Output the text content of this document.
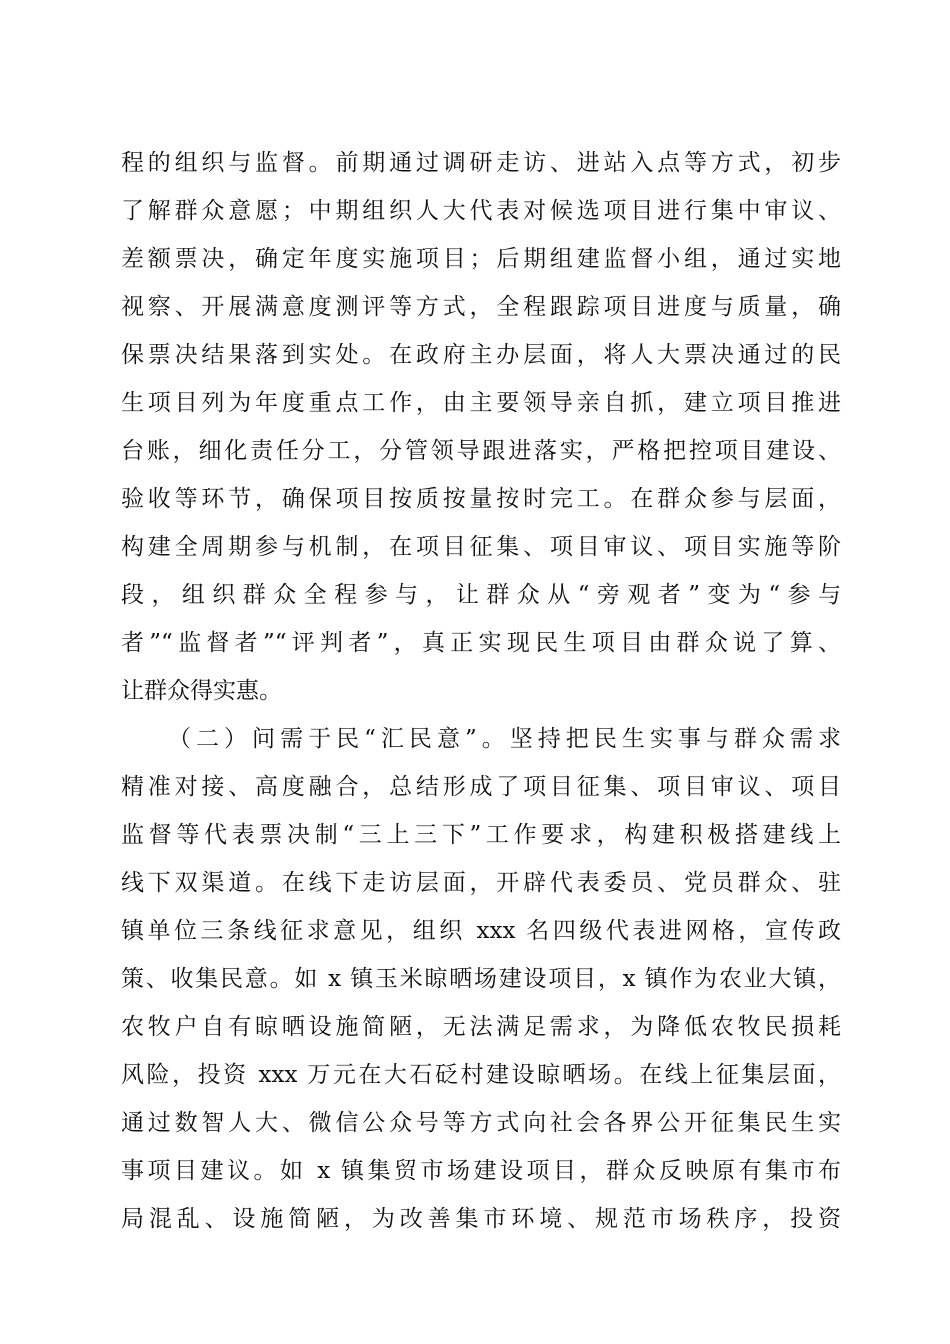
程的组织与监督。前期通过调研走访、进站入点等方式，初步
了解群众意愿；中期组织人大代表对候选项目进行集中审议、
差额票决，确定年度实施项目；后期组建监督小组，通过实地
视察、开展满意度测评等方式，全程跟踪项目进度与质量，确
保票决结果落到实处。在政府主办层面，将人大票决通过的民
生项目列为年度重点工作，由主要领导亲自抓，建立项目推进
台账，细化责任分工，分管领导跟进落实，严格把控项目建设、
验收等环节，确保项目按质按量按时完工。在群众参与层面，
构建全周期参与机制，在项目征集、项目审议、项目实施等阶
段，组织群众全程参与，让群众从“旁观者”变为“参与
者”“监督者”“评判者”，真正实现民生项目由群众说了算、
让群众得实惠。
（二）问需于民“汇民意”。坚持把民生实事与群众需求
精准对接、高度融合，总结形成了项目征集、项目审议、项目
监督等代表票决制“三上三下”工作要求，构建积极搭建线上
线下双渠道。在线下走访层面，开辟代表委员、党员群众、驻
镇单位三条线征求意见，组织 xxx 名四级代表进网格，宣传政
策、收集民意。如 x 镇玉米晾晒场建设项目，x 镇作为农业大镇，
农牧户自有晾晒设施简陋，无法满足需求，为降低农牧民损耗
风险，投资 xxx 万元在大石砭村建设晾晒场。在线上征集层面，
通过数智人大、微信公众号等方式向社会各界公开征集民生实
事项目建议。如 x 镇集贸市场建设项目，群众反映原有集市布
局混乱、设施简陋，为改善集市环境、规范市场秩序，投资
